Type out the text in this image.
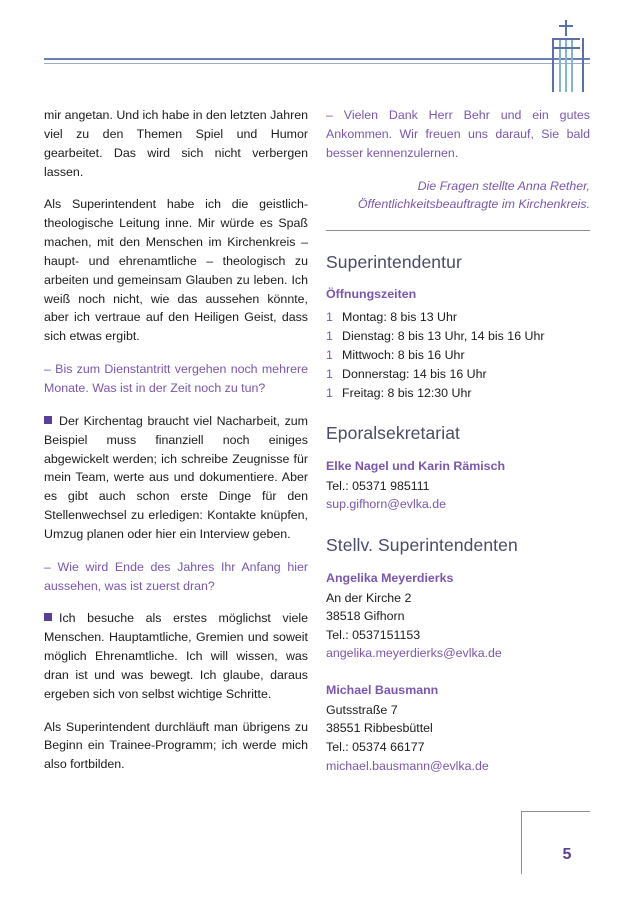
mir angetan. Und ich habe in den letzten Jahren viel zu den Themen Spiel und Humor gearbeitet. Das wird sich nicht verbergen lassen.

Als Superintendent habe ich die geistlich-theologische Leitung inne. Mir würde es Spaß machen, mit den Menschen im Kirchenkreis – haupt- und ehrenamtliche – theologisch zu arbeiten und gemeinsam Glauben zu leben. Ich weiß noch nicht, wie das aussehen könnte, aber ich vertraue auf den Heiligen Geist, dass sich etwas ergibt.

– Bis zum Dienstantritt vergehen noch mehrere Monate. Was ist in der Zeit noch zu tun?

Der Kirchentag braucht viel Nacharbeit, zum Beispiel muss finanziell noch einiges abgewickelt werden; ich schreibe Zeugnisse für mein Team, werte aus und dokumentiere. Aber es gibt auch schon erste Dinge für den Stellenwechsel zu erledigen: Kontakte knüpfen, Umzug planen oder hier ein Interview geben.

– Wie wird Ende des Jahres Ihr Anfang hier aussehen, was ist zuerst dran?

Ich besuche als erstes möglichst viele Menschen. Hauptamtliche, Gremien und soweit möglich Ehrenamtliche. Ich will wissen, was dran ist und was bewegt. Ich glaube, daraus ergeben sich von selbst wichtige Schritte.

Als Superintendent durchläuft man übrigens zu Beginn ein Trainee-Programm; ich werde mich also fortbilden.

– Vielen Dank Herr Behr und ein gutes Ankommen. Wir freuen uns darauf, Sie bald besser kennenzulernen.

Die Fragen stellte Anna Rether, Öffentlichkeitsbeauftragte im Kirchenkreis.

Superintendentur
Öffnungszeiten
1 Montag: 8 bis 13 Uhr
1 Dienstag: 8 bis 13 Uhr, 14 bis 16 Uhr
1 Mittwoch: 8 bis 16 Uhr
1 Donnerstag: 14 bis 16 Uhr
1 Freitag: 8 bis 12:30 Uhr
Eporalsekretariat
Elke Nagel und Karin Rämisch
Tel.: 05371 985111
sup.gifhorn@evlka.de
Stellv. Superintendenten
Angelika Meyerdierks
An der Kirche 2
38518 Gifhorn
Tel.: 0537151153
angelika.meyerdierks@evlka.de
Michael Bausmann
Gutsstraße 7
38551 Ribbesbüttel
Tel.: 05374 66177
michael.bausmann@evlka.de
5
